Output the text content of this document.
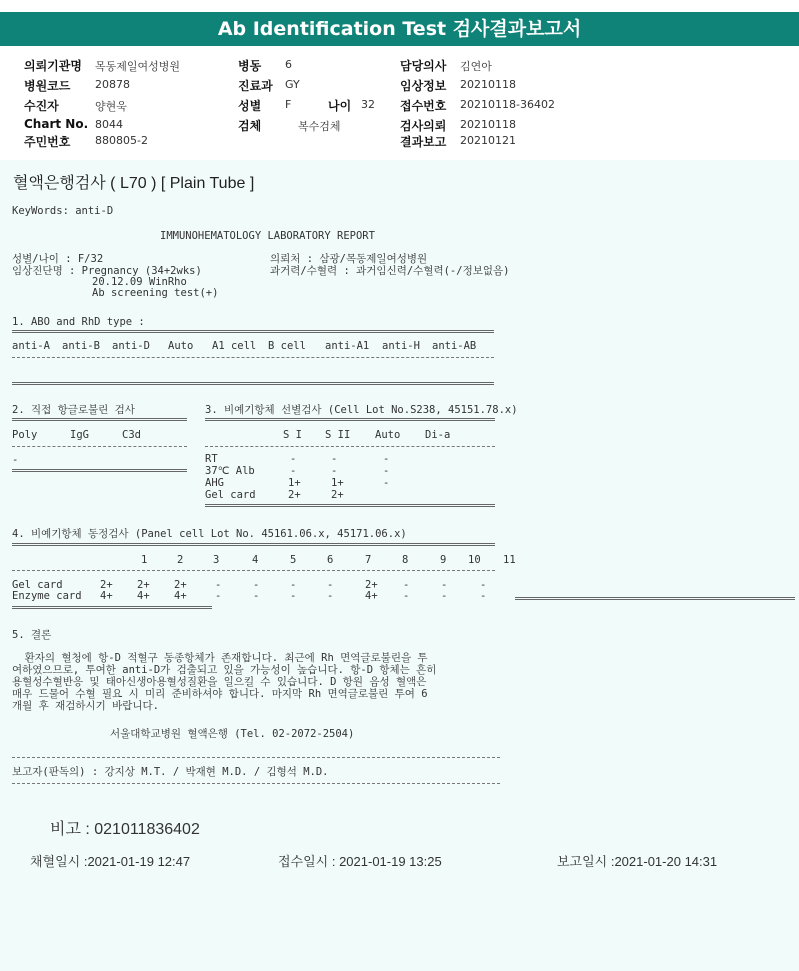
Ab Identification Test 검사결과보고서
의뢰기관명 목동제일여성병원
병원코드 20878
수진자	양현욱
Chart No. 8044
주민번호 880805-2
병동 6
진료과 GY
성별 F	나이 32
검체	복수검체
담당의사 김연아
임상정보 20210118
접수번호 20210118-36402
검사의뢰 20210118
결과보고 20210121
혈액은행검사 ( L70 ) [ Plain Tube ]
KeyWords: anti-D
IMMUNOHEMATOLOGY LABORATORY REPORT
성별/나이 : F/32
임상진단명 : Pregnancy (34+2wks)
20.12.09 WinRho
Ab screening test(+)
의뢰처 : 삼광/목동제일여성병원
과거력/수혈력 : 과거임신력/수혈력(-/정보없음)
1. ABO and RhD type :
anti-A anti-B anti-D Auto A1 cell B cell anti-A1 anti-H anti-AB
2. 직접 항글로불린 검사
Poly	IgG	C3d
-
3. 비예기항체 선별검사 (Cell Lot No.S238, 45151.78.x)
S I S II Auto Di-a
RT	-	-	-
37℃ Alb	-	-	-
AHG	1+	1+	-
Gel card	2+	2+
4. 비예기항체 동정검사 (Panel cell Lot No. 45161.06.x, 45171.06.x)
1	2	3	4	5	6	7	8	9 10 11
Gel card	2+ 2+ 2+	-	-	-	-	2+ -	-	-
Enzyme card 4+ 4+ 4+	-	-	-	-	4+ -	-	-
5. 결론
환자의 혈청에 항-D 적혈구 동종항체가 존재합니다. 최근에 Rh 면역글로불린을 투
여하였으므로, 투여한 anti-D가 검출되고 있을 가능성이 높습니다. 항-D 항체는 흔히
용혈성수혈반응 및 태아신생아용혈성질환을 일으킬 수 있습니다. D 항원 음성 혈액은
매우 드물어 수혈 필요 시 미리 준비하셔야 합니다. 마지막 Rh 면역글로불린 투여 6
개월 후 재검하시기 바랍니다.
서울대학교병원 혈액은행 (Tel. 02-2072-2504)
보고자(판독의) : 강지상 M.T. / 박재현 M.D. / 김형석 M.D.
비고 : 021011836402
채혈일시 :2021-01-19 12:47	접수일시 : 2021-01-19 13:25	보고일시 :2021-01-20 14:31
